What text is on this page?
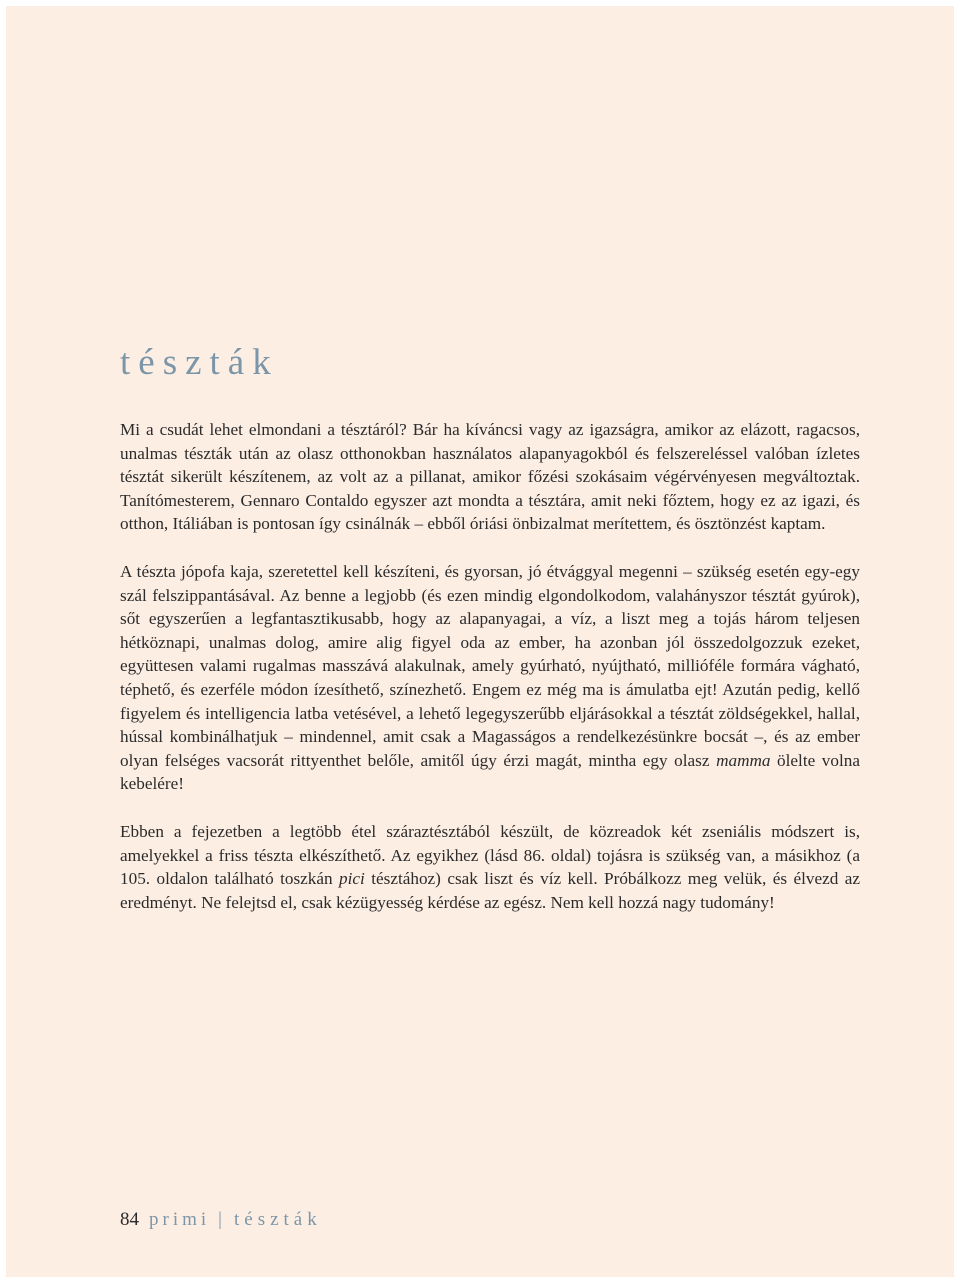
tészták

Mi a csudát lehet elmondani a tésztáról? Bár ha kíváncsi vagy az igazságra, amikor az elázott, ragacsos, unalmas tészták után az olasz otthonokban használatos alapanyagokból és felszereléssel valóban ízletes tésztát sikerült készítenem, az volt az a pillanat, amikor főzési szokásaim végérvényesen megváltoztak. Tanítómesterem, Gennaro Contaldo egyszer azt mondta a tésztára, amit neki főztem, hogy ez az igazi, és otthon, Itáliában is pontosan így csinálnák – ebből óriási önbizalmat merítettem, és ösztönzést kaptam.

A tészta jópofa kaja, szeretettel kell készíteni, és gyorsan, jó étvággyal megenni – szükség esetén egy-egy szál felszippantásával. Az benne a legjobb (és ezen mindig elgondolkodom, valahányszor tésztát gyúrok), sőt egyszerűen a legfantasztikusabb, hogy az alapanyagai, a víz, a liszt meg a tojás három teljesen hétköznapi, unalmas dolog, amire alig figyel oda az ember, ha azonban jól összedolgozzuk ezeket, együttesen valami rugalmas masszává alakulnak, amely gyúrható, nyújtható, millióféle formára vágható, téphető, és ezerféle módon ízesíthető, színezhető. Engem ez még ma is ámulatba ejt! Azután pedig, kellő figyelem és intelligencia latba vetésével, a lehető legegyszerűbb eljárásokkal a tésztát zöldségekkel, hallal, hússal kombinálhatjuk – mindennel, amit csak a Magasságos a rendelkezésünkre bocsát –, és az ember olyan felséges vacsorát rittyenthet belőle, amitől úgy érzi magát, mintha egy olasz mamma ölelte volna kebelére!

Ebben a fejezetben a legtöbb étel száraztésztából készült, de közreadok két zseniális módszert is, amelyekkel a friss tészta elkészíthető. Az egyikhez (lásd 86. oldal) tojásra is szükség van, a másikhoz (a 105. oldalon található toszkán pici tésztához) csak liszt és víz kell. Próbálkozz meg velük, és élvezd az eredményt. Ne felejtsd el, csak kézügyesség kérdése az egész. Nem kell hozzá nagy tudomány!

84 primi | tészták
